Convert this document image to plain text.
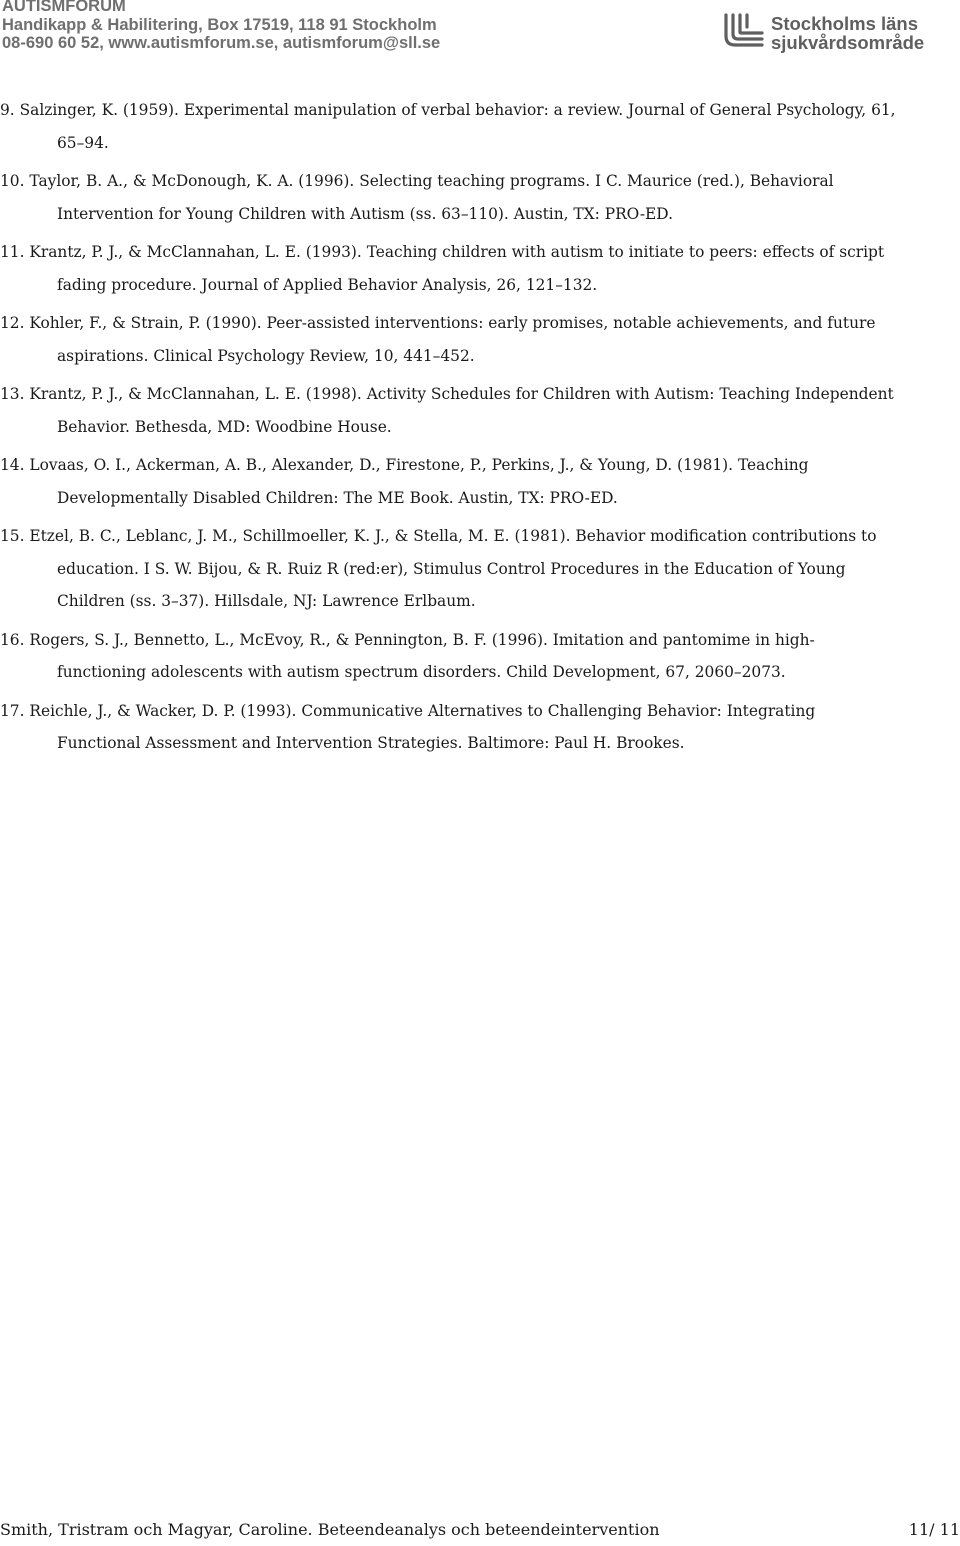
AUTISMFORUM
Handikapp & Habilitering, Box 17519, 118 91 Stockholm
08-690 60 52, www.autismforum.se, autismforum@sll.se
Stockholms läns
sjukvårdsområde
9. Salzinger, K. (1959). Experimental manipulation of verbal behavior: a review. Journal of General Psychology, 61, 65–94.
10. Taylor, B. A., & McDonough, K. A. (1996). Selecting teaching programs. I C. Maurice (red.), Behavioral Intervention for Young Children with Autism (ss. 63–110). Austin, TX: PRO-ED.
11. Krantz, P. J., & McClannahan, L. E. (1993). Teaching children with autism to initiate to peers: effects of script fading procedure. Journal of Applied Behavior Analysis, 26, 121–132.
12. Kohler, F., & Strain, P. (1990). Peer-assisted interventions: early promises, notable achievements, and future aspirations. Clinical Psychology Review, 10, 441–452.
13. Krantz, P. J., & McClannahan, L. E. (1998). Activity Schedules for Children with Autism: Teaching Independent Behavior. Bethesda, MD: Woodbine House.
14. Lovaas, O. I., Ackerman, A. B., Alexander, D., Firestone, P., Perkins, J., & Young, D. (1981). Teaching Developmentally Disabled Children: The ME Book. Austin, TX: PRO-ED.
15. Etzel, B. C., Leblanc, J. M., Schillmoeller, K. J., & Stella, M. E. (1981). Behavior modification contributions to education. I S. W. Bijou, & R. Ruiz R (red:er), Stimulus Control Procedures in the Education of Young Children (ss. 3–37). Hillsdale, NJ: Lawrence Erlbaum.
16. Rogers, S. J., Bennetto, L., McEvoy, R., & Pennington, B. F. (1996). Imitation and pantomime in high-functioning adolescents with autism spectrum disorders. Child Development, 67, 2060–2073.
17. Reichle, J., & Wacker, D. P. (1993). Communicative Alternatives to Challenging Behavior: Integrating Functional Assessment and Intervention Strategies. Baltimore: Paul H. Brookes.
Smith, Tristram och Magyar, Caroline. Beteendeanalys och beteendeintervention	11/ 11
